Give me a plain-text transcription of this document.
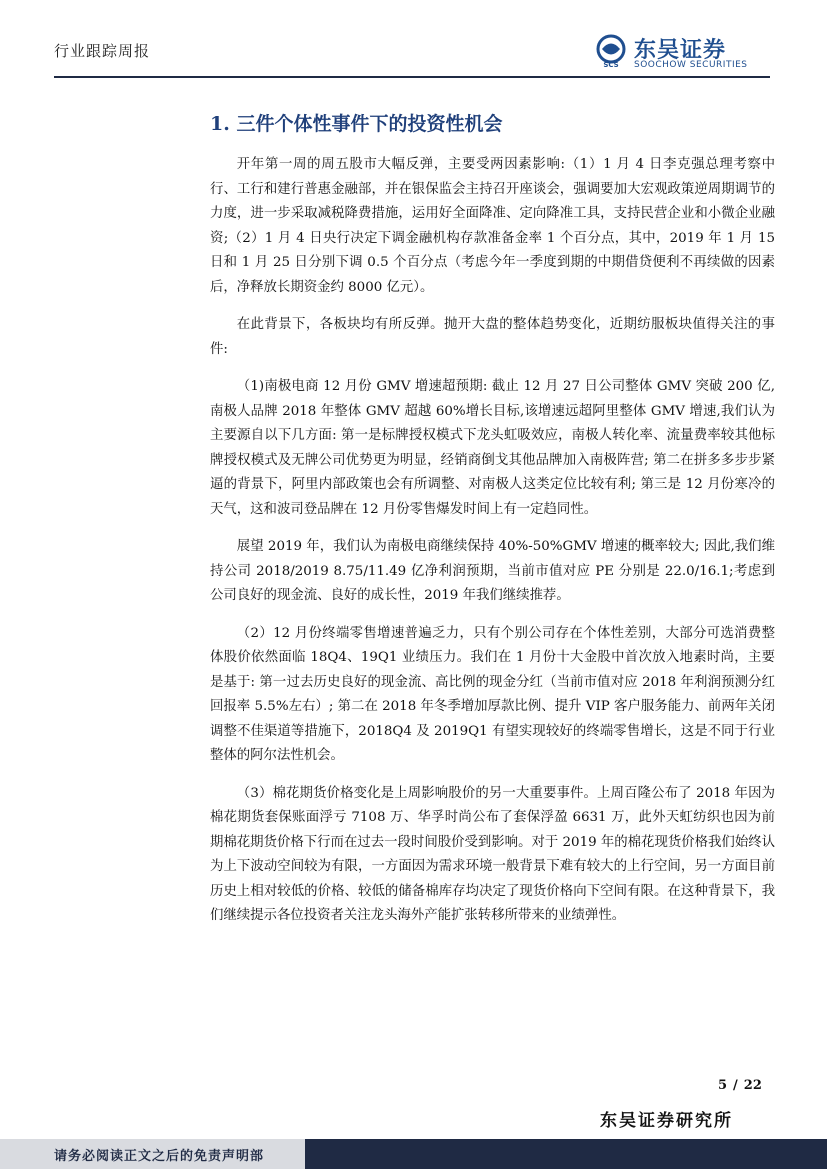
行业跟踪周报
SCS
东吴证券
SOOCHOW SECURITIES
1. 三件个体性事件下的投资性机会

开年第一周的周五股市大幅反弹，主要受两因素影响:（1）1 月 4 日李克强总理考察中行、工行和建行普惠金融部，并在银保监会主持召开座谈会，强调要加大宏观政策逆周期调节的力度，进一步采取减税降费措施，运用好全面降准、定向降准工具，支持民营企业和小微企业融资;（2）1 月 4 日央行决定下调金融机构存款准备金率 1 个百分点，其中，2019 年 1 月 15 日和 1 月 25 日分别下调 0.5 个百分点（考虑今年一季度到期的中期借贷便利不再续做的因素后，净释放长期资金约 8000 亿元）。

在此背景下，各板块均有所反弹。抛开大盘的整体趋势变化，近期纺服板块值得关注的事件:

（1)南极电商 12 月份 GMV 增速超预期: 截止 12 月 27 日公司整体 GMV 突破 200 亿,南极人品牌 2018 年整体 GMV 超越 60%增长目标,该增速远超阿里整体 GMV 增速,我们认为主要源自以下几方面: 第一是标牌授权模式下龙头虹吸效应，南极人转化率、流量费率较其他标牌授权模式及无牌公司优势更为明显，经销商倒戈其他品牌加入南极阵营; 第二在拼多多步步紧逼的背景下，阿里内部政策也会有所调整、对南极人这类定位比较有利; 第三是 12 月份寒冷的天气，这和波司登品牌在 12 月份零售爆发时间上有一定趋同性。

展望 2019 年，我们认为南极电商继续保持 40%-50%GMV 增速的概率较大; 因此,我们维持公司 2018/2019 8.75/11.49 亿净利润预期，当前市值对应 PE 分别是 22.0/16.1;考虑到公司良好的现金流、良好的成长性，2019 年我们继续推荐。

（2）12 月份终端零售增速普遍乏力，只有个别公司存在个体性差别，大部分可选消费整体股价依然面临 18Q4、19Q1 业绩压力。我们在 1 月份十大金股中首次放入地素时尚，主要是基于: 第一过去历史良好的现金流、高比例的现金分红（当前市值对应 2018 年利润预测分红回报率 5.5%左右）; 第二在 2018 年冬季增加厚款比例、提升 VIP 客户服务能力、前两年关闭调整不佳渠道等措施下，2018Q4 及 2019Q1 有望实现较好的终端零售增长，这是不同于行业整体的阿尔法性机会。

（3）棉花期货价格变化是上周影响股价的另一大重要事件。上周百隆公布了 2018 年因为棉花期货套保账面浮亏 7108 万、华孚时尚公布了套保浮盈 6631 万，此外天虹纺织也因为前期棉花期货价格下行而在过去一段时间股价受到影响。对于 2019 年的棉花现货价格我们始终认为上下波动空间较为有限，一方面因为需求环境一般背景下难有较大的上行空间，另一方面目前历史上相对较低的价格、较低的储备棉库存均决定了现货价格向下空间有限。在这种背景下，我们继续提示各位投资者关注龙头海外产能扩张转移所带来的业绩弹性。

5 / 22
东吴证券研究所
请务必阅读正文之后的免责声明部
